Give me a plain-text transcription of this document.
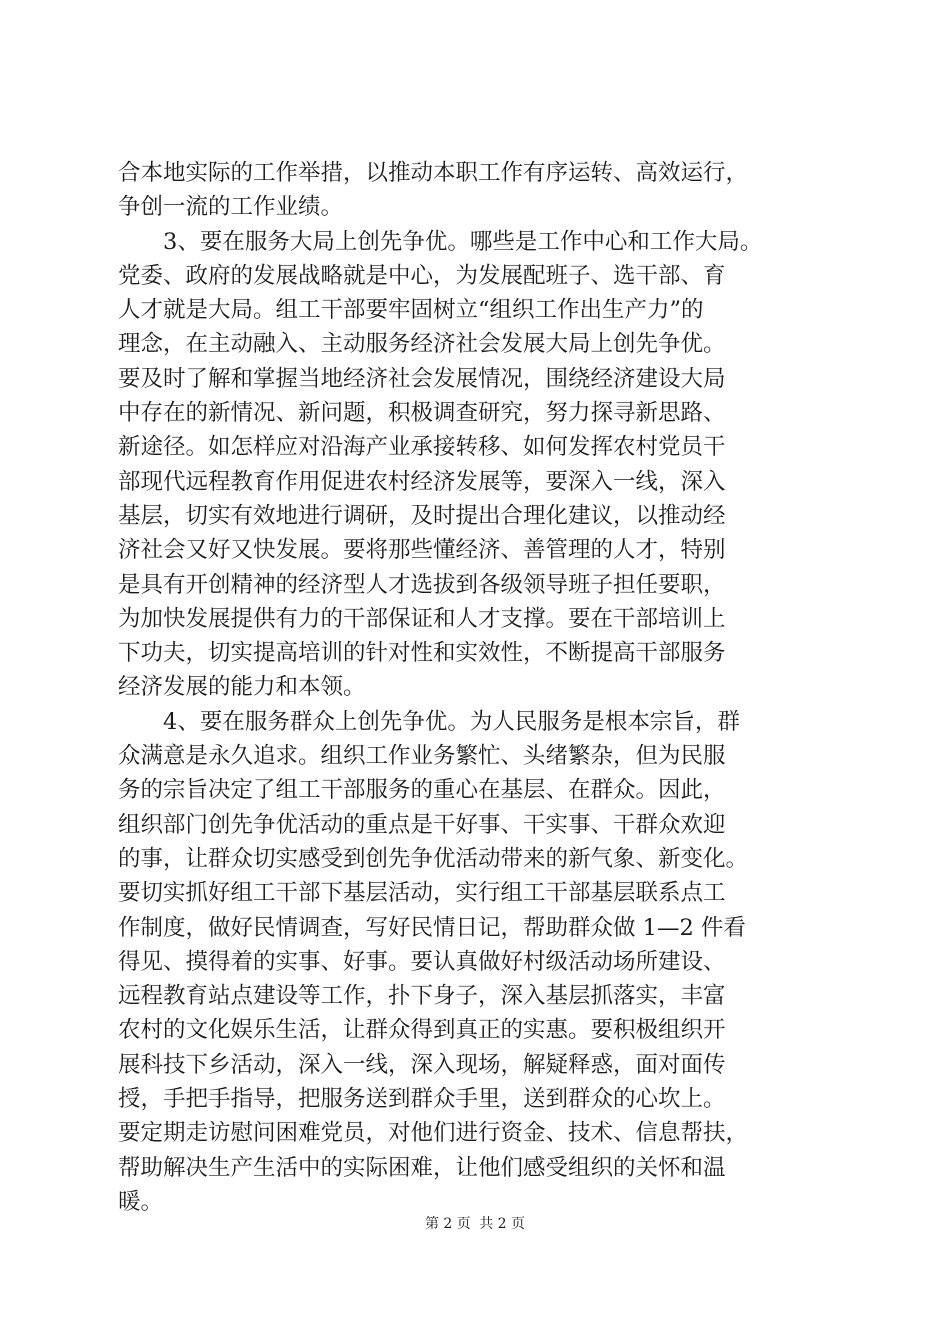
合本地实际的工作举措，以推动本职工作有序运转、高效运行，
争创一流的工作业绩。
3、要在服务大局上创先争优。哪些是工作中心和工作大局。
党委、政府的发展战略就是中心，为发展配班子、选干部、育
人才就是大局。组工干部要牢固树立“组织工作出生产力”的
理念，在主动融入、主动服务经济社会发展大局上创先争优。
要及时了解和掌握当地经济社会发展情况，围绕经济建设大局
中存在的新情况、新问题，积极调查研究，努力探寻新思路、
新途径。如怎样应对沿海产业承接转移、如何发挥农村党员干
部现代远程教育作用促进农村经济发展等，要深入一线，深入
基层，切实有效地进行调研，及时提出合理化建议，以推动经
济社会又好又快发展。要将那些懂经济、善管理的人才，特别
是具有开创精神的经济型人才选拔到各级领导班子担任要职，
为加快发展提供有力的干部保证和人才支撑。要在干部培训上
下功夫，切实提高培训的针对性和实效性，不断提高干部服务
经济发展的能力和本领。
4、要在服务群众上创先争优。为人民服务是根本宗旨，群
众满意是永久追求。组织工作业务繁忙、头绪繁杂，但为民服
务的宗旨决定了组工干部服务的重心在基层、在群众。因此，
组织部门创先争优活动的重点是干好事、干实事、干群众欢迎
的事，让群众切实感受到创先争优活动带来的新气象、新变化。
要切实抓好组工干部下基层活动，实行组工干部基层联系点工
作制度，做好民情调查，写好民情日记，帮助群众做 1—2 件看
得见、摸得着的实事、好事。要认真做好村级活动场所建设、
远程教育站点建设等工作，扑下身子，深入基层抓落实，丰富
农村的文化娱乐生活，让群众得到真正的实惠。要积极组织开
展科技下乡活动，深入一线，深入现场，解疑释惑，面对面传
授，手把手指导，把服务送到群众手里，送到群众的心坎上。
要定期走访慰问困难党员，对他们进行资金、技术、信息帮扶，
帮助解决生产生活中的实际困难，让他们感受组织的关怀和温
暖。
第 2 页 共 2 页
